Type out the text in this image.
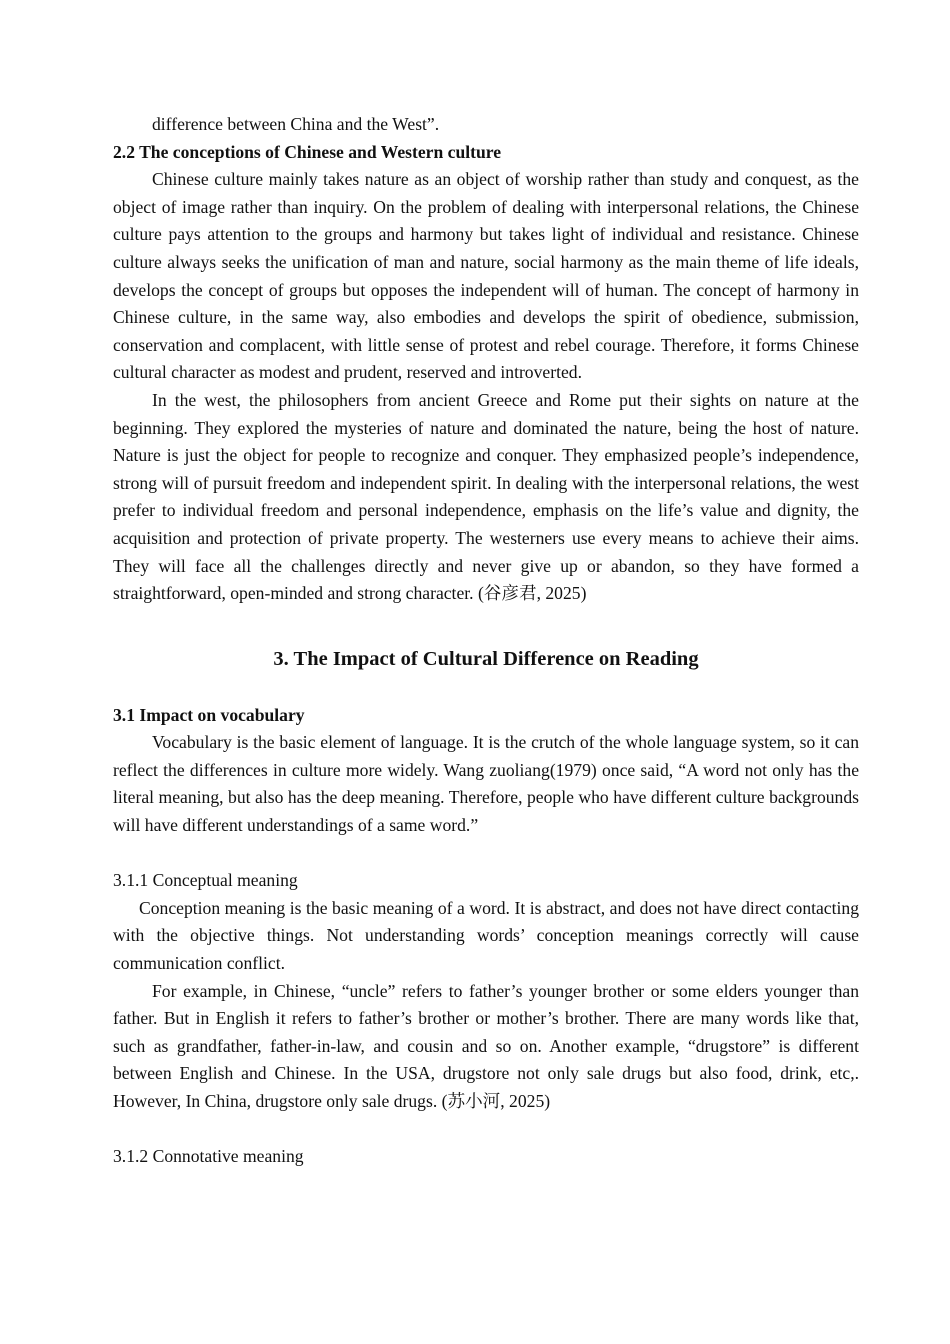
difference between China and the West”.

2.2 The conceptions of Chinese and Western culture

Chinese culture mainly takes nature as an object of worship rather than study and conquest, as the object of image rather than inquiry. On the problem of dealing with interpersonal relations, the Chinese culture pays attention to the groups and harmony but takes light of individual and resistance. Chinese culture always seeks the unification of man and nature, social harmony as the main theme of life ideals, develops the concept of groups but opposes the independent will of human. The concept of harmony in Chinese culture, in the same way, also embodies and develops the spirit of obedience, submission, conservation and complacent, with little sense of protest and rebel courage. Therefore, it forms Chinese cultural character as modest and prudent, reserved and introverted.

In the west, the philosophers from ancient Greece and Rome put their sights on nature at the beginning. They explored the mysteries of nature and dominated the nature, being the host of nature. Nature is just the object for people to recognize and conquer. They emphasized people’s independence, strong will of pursuit freedom and independent spirit. In dealing with the interpersonal relations, the west prefer to individual freedom and personal independence, emphasis on the life’s value and dignity, the acquisition and protection of private property. The westerners use every means to achieve their aims. They will face all the challenges directly and never give up or abandon, so they have formed a straightforward, open-minded and strong character. (谷彦君, 2025)

3. The Impact of Cultural Difference on Reading

3.1 Impact on vocabulary

Vocabulary is the basic element of language. It is the crutch of the whole language system, so it can reflect the differences in culture more widely. Wang zuoliang(1979) once said, “A word not only has the literal meaning, but also has the deep meaning. Therefore, people who have different culture backgrounds will have different understandings of a same word.”

3.1.1 Conceptual meaning

Conception meaning is the basic meaning of a word. It is abstract, and does not have direct contacting with the objective things. Not understanding words’ conception meanings correctly will cause communication conflict.

For example, in Chinese, “uncle” refers to father’s younger brother or some elders younger than father. But in English it refers to father’s brother or mother’s brother. There are many words like that, such as grandfather, father-in-law, and cousin and so on. Another example, “drugstore” is different between English and Chinese. In the USA, drugstore not only sale drugs but also food, drink, etc,. However, In China, drugstore only sale drugs. (苏小河, 2025)

3.1.2 Connotative meaning
